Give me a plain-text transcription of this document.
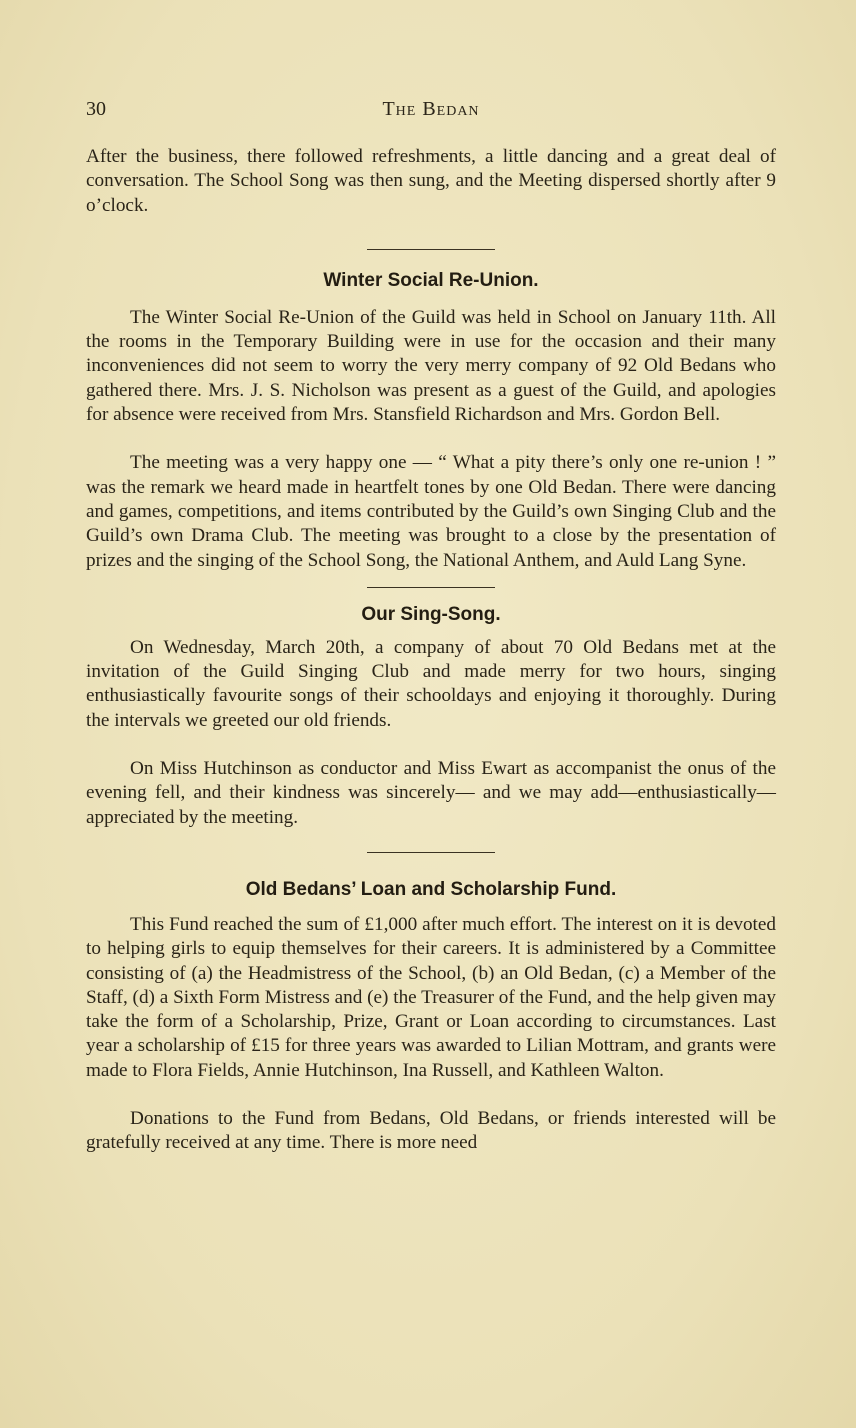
30	The Bedan

After the business, there followed refreshments, a little dancing and a great deal of conversation. The School Song was then sung, and the Meeting dispersed shortly after 9 o’clock.

Winter Social Re-Union.

The Winter Social Re-Union of the Guild was held in School on January 11th. All the rooms in the Temporary Building were in use for the occasion and their many inconveniences did not seem to worry the very merry company of 92 Old Bedans who gathered there. Mrs. J. S. Nicholson was present as a guest of the Guild, and apologies for absence were received from Mrs. Stansfield Richardson and Mrs. Gordon Bell.

The meeting was a very happy one — “ What a pity there’s only one re-union ! ” was the remark we heard made in heartfelt tones by one Old Bedan. There were dancing and games, competitions, and items contributed by the Guild’s own Singing Club and the Guild’s own Drama Club. The meeting was brought to a close by the presentation of prizes and the singing of the School Song, the National Anthem, and Auld Lang Syne.

Our Sing-Song.

On Wednesday, March 20th, a company of about 70 Old Bedans met at the invitation of the Guild Singing Club and made merry for two hours, singing enthusiastically favourite songs of their schooldays and enjoying it thoroughly. During the intervals we greeted our old friends.

On Miss Hutchinson as conductor and Miss Ewart as accompanist the onus of the evening fell, and their kindness was sincerely— and we may add—enthusiastically—appreciated by the meeting.

Old Bedans’ Loan and Scholarship Fund.

This Fund reached the sum of £1,000 after much effort. The interest on it is devoted to helping girls to equip themselves for their careers. It is administered by a Committee consisting of (a) the Headmistress of the School, (b) an Old Bedan, (c) a Member of the Staff, (d) a Sixth Form Mistress and (e) the Treasurer of the Fund, and the help given may take the form of a Scholarship, Prize, Grant or Loan according to circumstances. Last year a scholarship of £15 for three years was awarded to Lilian Mottram, and grants were made to Flora Fields, Annie Hutchinson, Ina Russell, and Kathleen Walton.

Donations to the Fund from Bedans, Old Bedans, or friends interested will be gratefully received at any time. There is more need
